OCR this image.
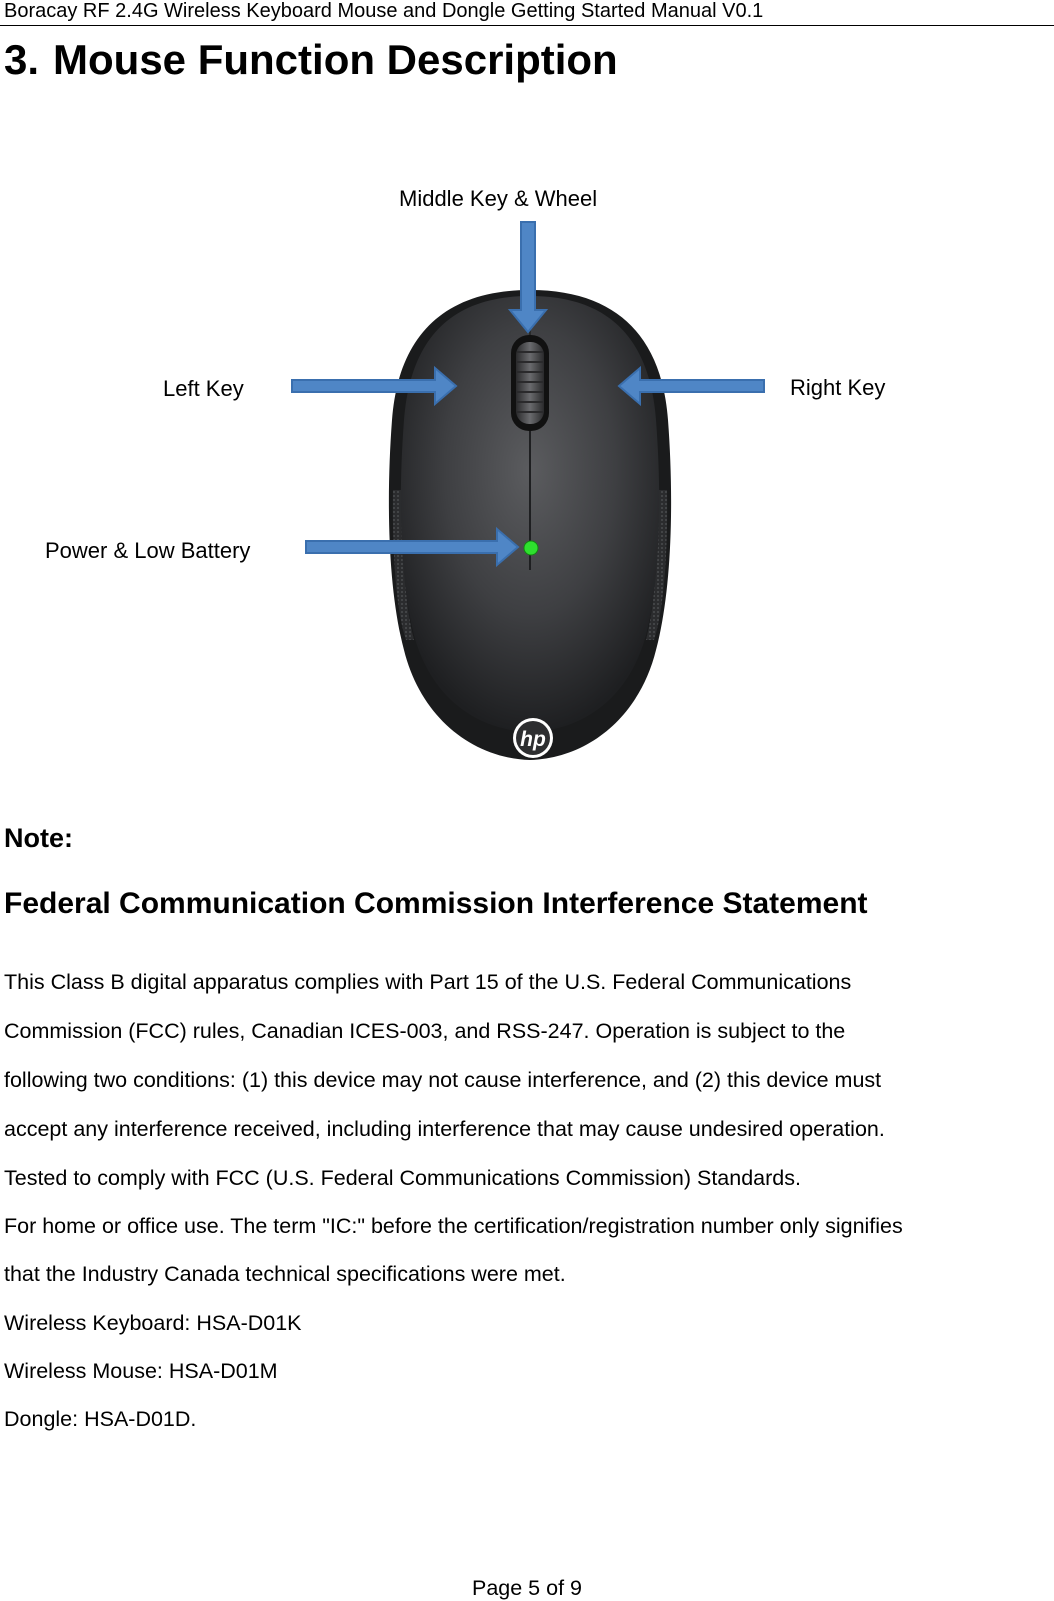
Boracay RF 2.4G Wireless Keyboard Mouse and Dongle Getting Started Manual V0.1
3. Mouse Function Description
Middle Key & Wheel
Left Key	Right Key
Power & Low Battery
hp
Note:
Federal Communication Commission Interference Statement
This Class B digital apparatus complies with Part 15 of the U.S. Federal Communications
Commission (FCC) rules, Canadian ICES-003, and RSS-247. Operation is subject to the
following two conditions: (1) this device may not cause interference, and (2) this device must
accept any interference received, including interference that may cause undesired operation.
Tested to comply with FCC (U.S. Federal Communications Commission) Standards.
For home or office use. The term "IC:" before the certification/registration number only signifies
that the Industry Canada technical specifications were met.
Wireless Keyboard: HSA-D01K
Wireless Mouse: HSA-D01M
Dongle: HSA-D01D.
Page 5 of 9
